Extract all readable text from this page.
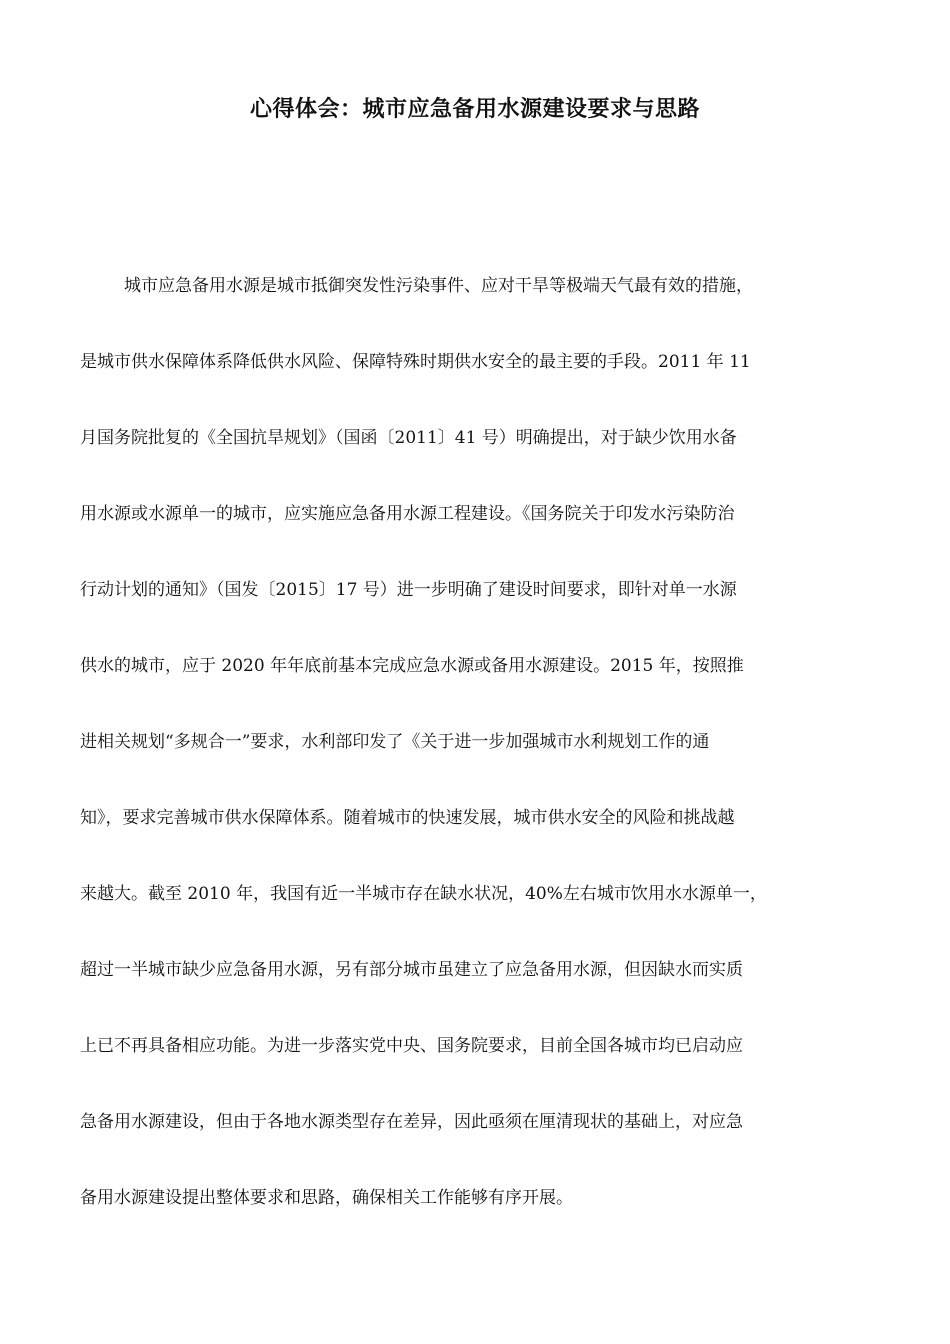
心得体会：城市应急备用水源建设要求与思路
城市应急备用水源是城市抵御突发性污染事件、应对干旱等极端天气最有效的措施，
是城市供水保障体系降低供水风险、保障特殊时期供水安全的最主要的手段。2011 年 11
月国务院批复的《全国抗旱规划》（国函〔2011〕41 号）明确提出，对于缺少饮用水备
用水源或水源单一的城市，应实施应急备用水源工程建设。《国务院关于印发水污染防治
行动计划的通知》（国发〔2015〕17 号）进一步明确了建设时间要求，即针对单一水源
供水的城市，应于 2020 年年底前基本完成应急水源或备用水源建设。2015 年，按照推
进相关规划“多规合一”要求，水利部印发了《关于进一步加强城市水利规划工作的通
知》，要求完善城市供水保障体系。随着城市的快速发展，城市供水安全的风险和挑战越
来越大。截至 2010 年，我国有近一半城市存在缺水状况，40%左右城市饮用水水源单一，
超过一半城市缺少应急备用水源，另有部分城市虽建立了应急备用水源，但因缺水而实质
上已不再具备相应功能。为进一步落实党中央、国务院要求，目前全国各城市均已启动应
急备用水源建设，但由于各地水源类型存在差异，因此亟须在厘清现状的基础上，对应急
备用水源建设提出整体要求和思路，确保相关工作能够有序开展。
